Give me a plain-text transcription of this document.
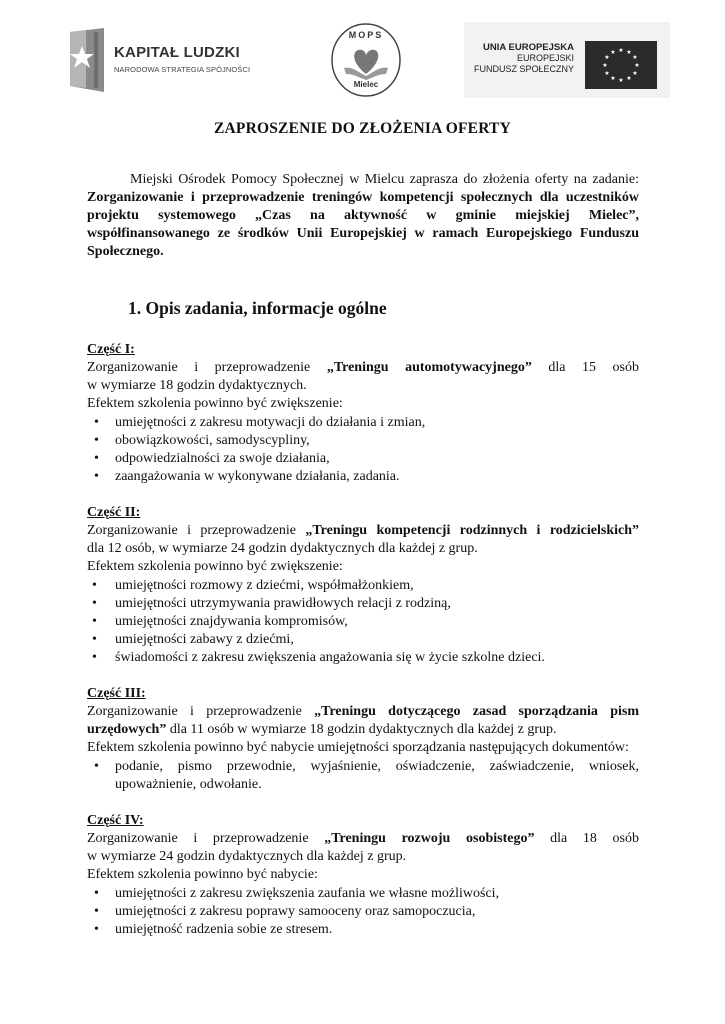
KAPITAŁ LUDZKI
NARODOWA STRATEGIA SPÓJNOŚCI
MOPS
Mielec
UNIA EUROPEJSKA
EUROPEJSKI
FUNDUSZ SPOŁECZNY
★ ★
★
★
★
★
★
★
★
★
★
★
ZAPROSZENIE DO ZŁOŻENIA OFERTY

Miejski Ośrodek Pomocy Społecznej w Mielcu zaprasza do złożenia oferty na zadanie: Zorganizowanie i przeprowadzenie treningów kompetencji społecznych dla uczestników projektu systemowego „Czas na aktywność w gminie miejskiej Mielec”, współfinansowanego ze środków Unii Europejskiej w ramach Europejskiego Funduszu Społecznego.

1. Opis zadania, informacje ogólne

Część I:

Zorganizowanie i przeprowadzenie „Treningu automotywacyjnego” dla 15 osób

w wymiarze 18 godzin dydaktycznych.

Efektem szkolenia powinno być zwiększenie:

• umiejętności z zakresu motywacji do działania i zmian,
• obowiązkowości, samodyscypliny,
• odpowiedzialności za swoje działania,
• zaangażowania w wykonywane działania, zadania.

Część II:

Zorganizowanie i przeprowadzenie „Treningu kompetencji rodzinnych i rodzicielskich”

dla 12 osób, w wymiarze 24 godzin dydaktycznych dla każdej z grup.

Efektem szkolenia powinno być zwiększenie:

• umiejętności rozmowy z dziećmi, współmałżonkiem,
• umiejętności utrzymywania prawidłowych relacji z rodziną,
• umiejętności znajdywania kompromisów,
• umiejętności zabawy z dziećmi,
• świadomości z zakresu zwiększenia angażowania się w życie szkolne dzieci.

Część III:

Zorganizowanie i przeprowadzenie „Treningu dotyczącego zasad sporządzania pism urzędowych” dla 11 osób w wymiarze 18 godzin dydaktycznych dla każdej z grup.

Efektem szkolenia powinno być nabycie umiejętności sporządzania następujących dokumentów:

• podanie, pismo przewodnie, wyjaśnienie, oświadczenie, zaświadczenie, wniosek, upoważnienie, odwołanie.

Część IV:

Zorganizowanie i przeprowadzenie „Treningu rozwoju osobistego” dla 18 osób

w wymiarze 24 godzin dydaktycznych dla każdej z grup.

Efektem szkolenia powinno być nabycie:

• umiejętności z zakresu zwiększenia zaufania we własne możliwości,
• umiejętności z zakresu poprawy samooceny oraz samopoczucia,
• umiejętność radzenia sobie ze stresem.
